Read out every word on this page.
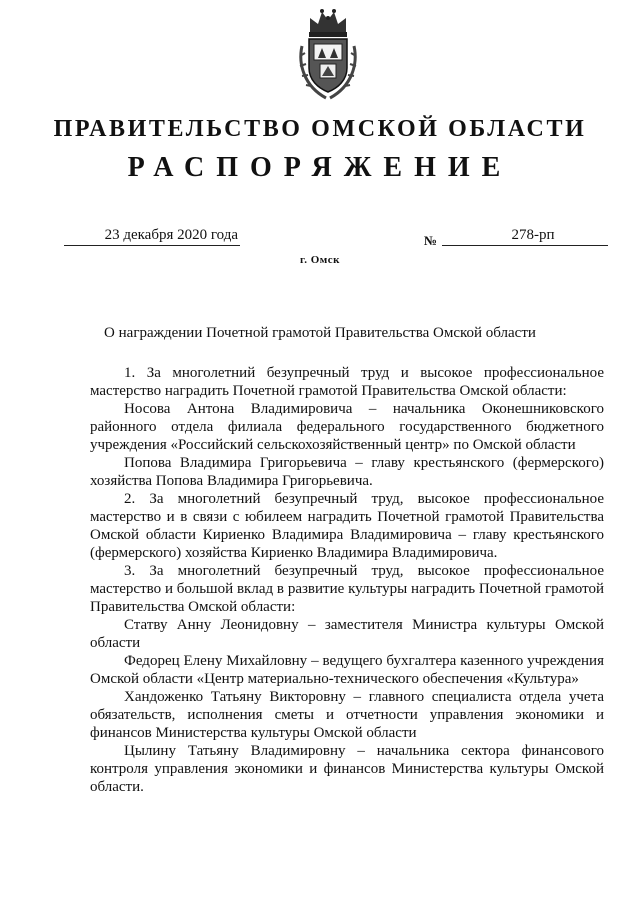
ПРАВИТЕЛЬСТВО ОМСКОЙ ОБЛАСТИ
РАСПОРЯЖЕНИЕ
23 декабря 2020 года	№	278-рп
г. Омск
О награждении Почетной грамотой Правительства Омской области

1. За многолетний безупречный труд и высокое профессиональное мастерство наградить Почетной грамотой Правительства Омской области:

Носова Антона Владимировича – начальника Оконешниковского районного отдела филиала федерального государственного бюджетного учреждения «Российский сельскохозяйственный центр» по Омской области

Попова Владимира Григорьевича – главу крестьянского (фермерского) хозяйства Попова Владимира Григорьевича.

2. За многолетний безупречный труд, высокое профессиональное мастерство и в связи с юбилеем наградить Почетной грамотой Правительства Омской области Кириенко Владимира Владимировича – главу крестьянского (фермерского) хозяйства Кириенко Владимира Владимировича.

3. За многолетний безупречный труд, высокое профессиональное мастерство и большой вклад в развитие культуры наградить Почетной грамотой Правительства Омской области:

Статву Анну Леонидовну – заместителя Министра культуры Омской области

Федорец Елену Михайловну – ведущего бухгалтера казенного учреждения Омской области «Центр материально-технического обеспечения «Культура»

Хандоженко Татьяну Викторовну – главного специалиста отдела учета обязательств, исполнения сметы и отчетности управления экономики и финансов Министерства культуры Омской области

Цылину Татьяну Владимировну – начальника сектора финансового контроля управления экономики и финансов Министерства культуры Омской области.
